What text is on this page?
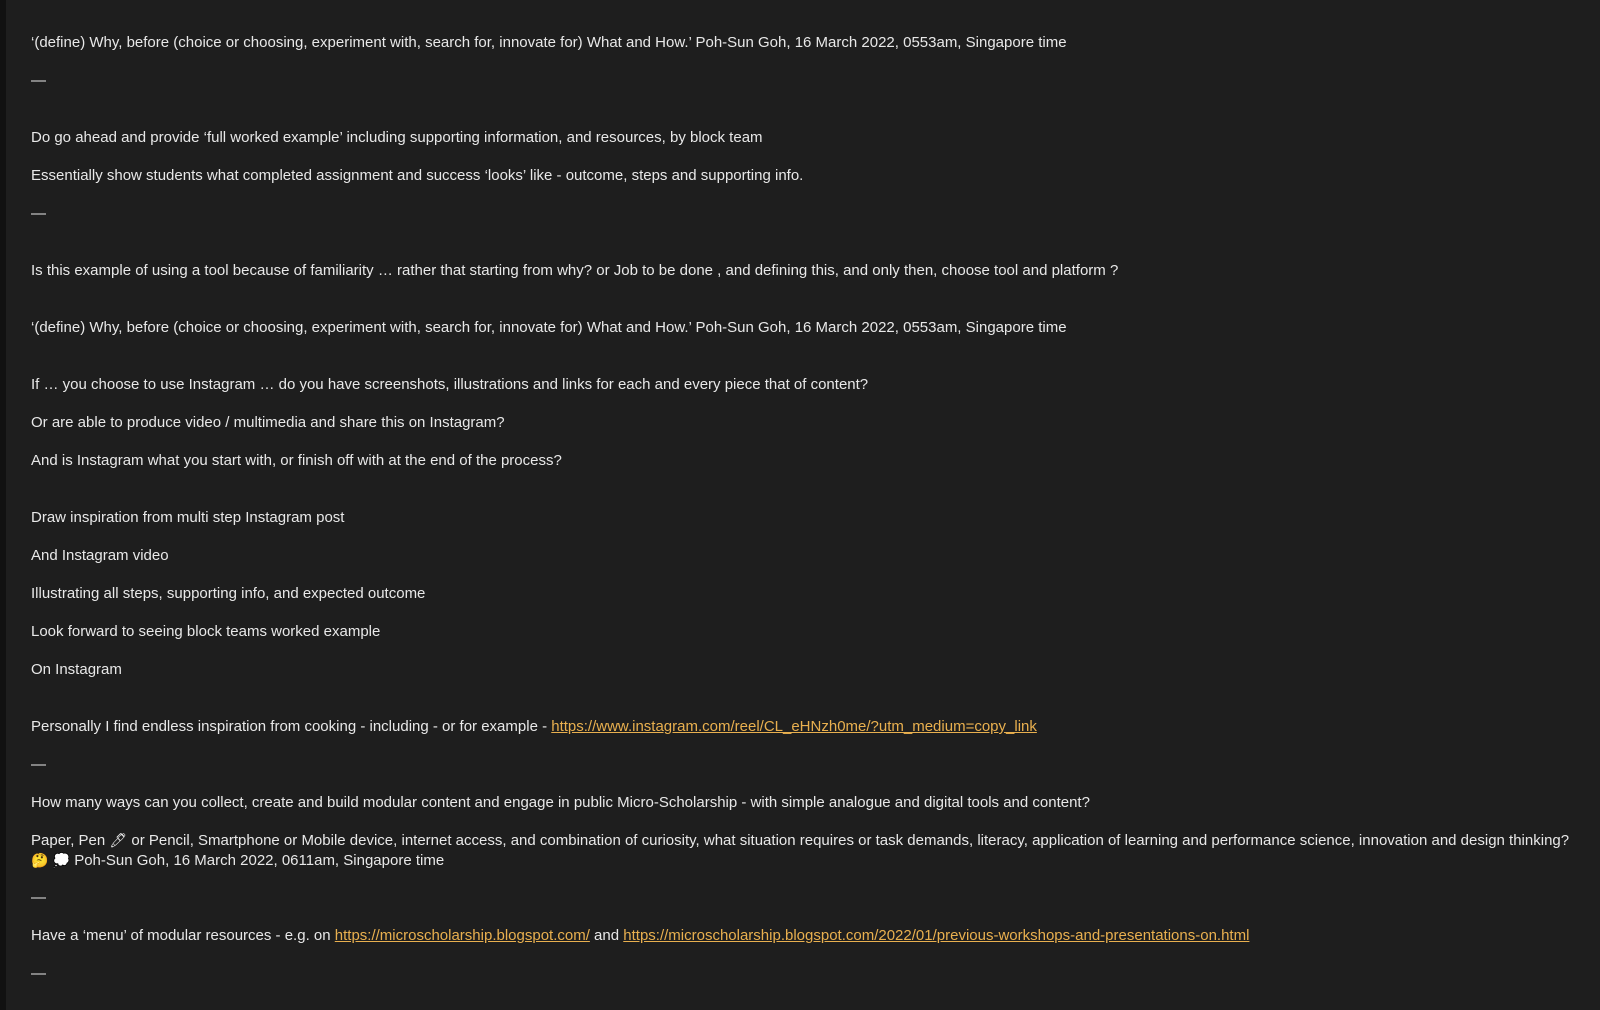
‘(define) Why, before (choice or choosing, experiment with, search for, innovate for) What and How.’ Poh-Sun Goh, 16 March 2022, 0553am, Singapore time
—
Do go ahead and provide ‘full worked example’ including supporting information, and resources, by block team
Essentially show students what completed assignment and success ‘looks’ like - outcome, steps and supporting info.
—
Is this example of using a tool because of familiarity … rather that starting from why? or Job to be done , and defining this, and only then, choose tool and platform ?
‘(define) Why, before (choice or choosing, experiment with, search for, innovate for) What and How.’ Poh-Sun Goh, 16 March 2022, 0553am, Singapore time
If … you choose to use Instagram … do you have screenshots, illustrations and links for each and every piece that of content?
Or are able to produce video / multimedia and share this on Instagram?
And is Instagram what you start with, or finish off with at the end of the process?
Draw inspiration from multi step Instagram post
And Instagram video
Illustrating all steps, supporting info, and expected outcome
Look forward to seeing block teams worked example
On Instagram
Personally I find endless inspiration from cooking - including - or for example - https://www.instagram.com/reel/CL_eHNzh0me/?utm_medium=copy_link
—
How many ways can you collect, create and build modular content and engage in public Micro-Scholarship - with simple analogue and digital tools and content?
Paper, Pen 🖊 or Pencil, Smartphone or Mobile device, internet access, and combination of curiosity, what situation requires or task demands, literacy, application of learning and performance science, innovation and design thinking? 🤔 💭 Poh-Sun Goh, 16 March 2022, 0611am, Singapore time
—
Have a ‘menu’ of modular resources - e.g. on https://microscholarship.blogspot.com/ and https://microscholarship.blogspot.com/2022/01/previous-workshops-and-presentations-on.html
—
